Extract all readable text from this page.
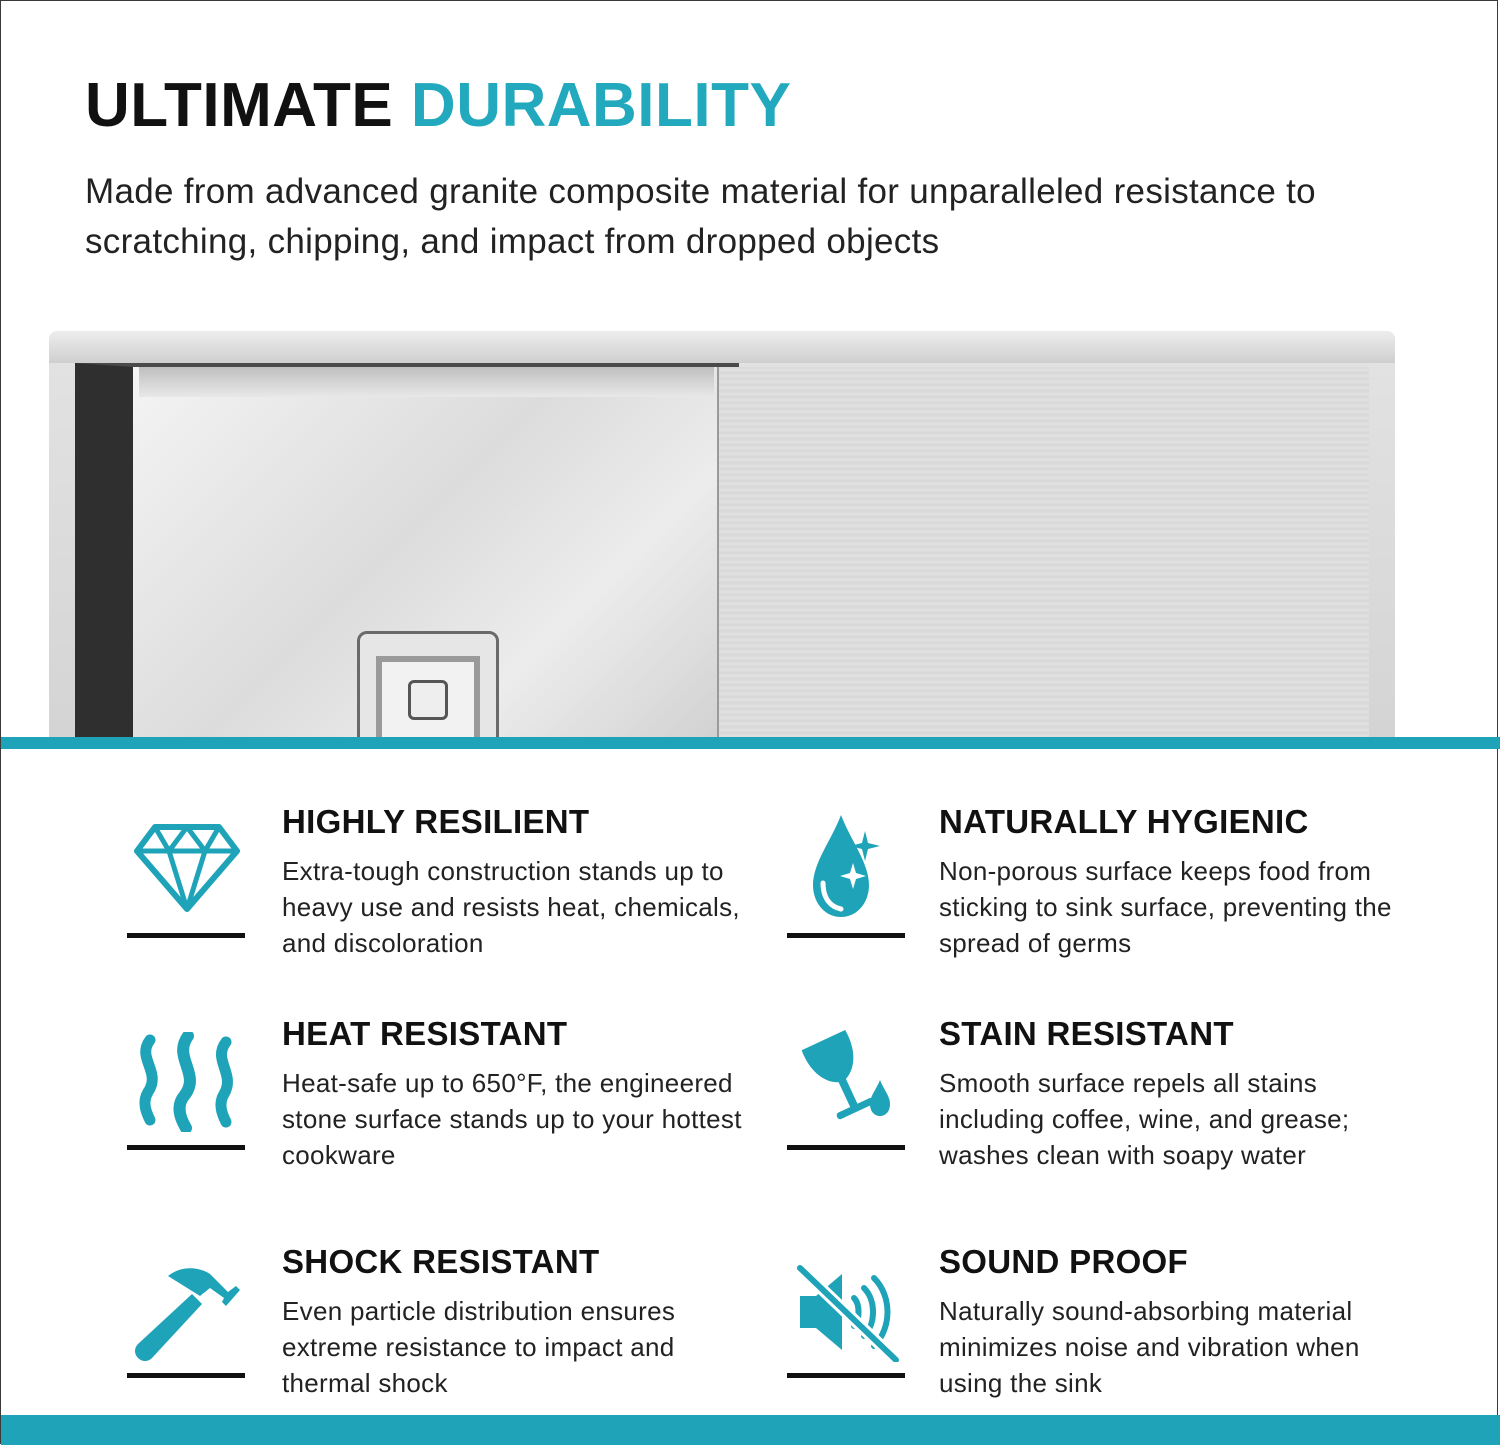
ULTIMATE DURABILITY

Made from advanced granite composite material for unparalleled resistance to scratching, chipping, and impact from dropped objects

HIGHLY RESILIENT

Extra-tough construction stands up to heavy use and resists heat, chemicals, and discoloration

NATURALLY HYGIENIC

Non-porous surface keeps food from sticking to sink surface, preventing the spread of germs

HEAT RESISTANT

Heat-safe up to 650°F, the engineered stone surface stands up to your hottest cookware

STAIN RESISTANT

Smooth surface repels all stains including coffee, wine, and grease; washes clean with soapy water

SHOCK RESISTANT

Even particle distribution ensures extreme resistance to impact and thermal shock

SOUND PROOF

Naturally sound-absorbing material minimizes noise and vibration when using the sink
